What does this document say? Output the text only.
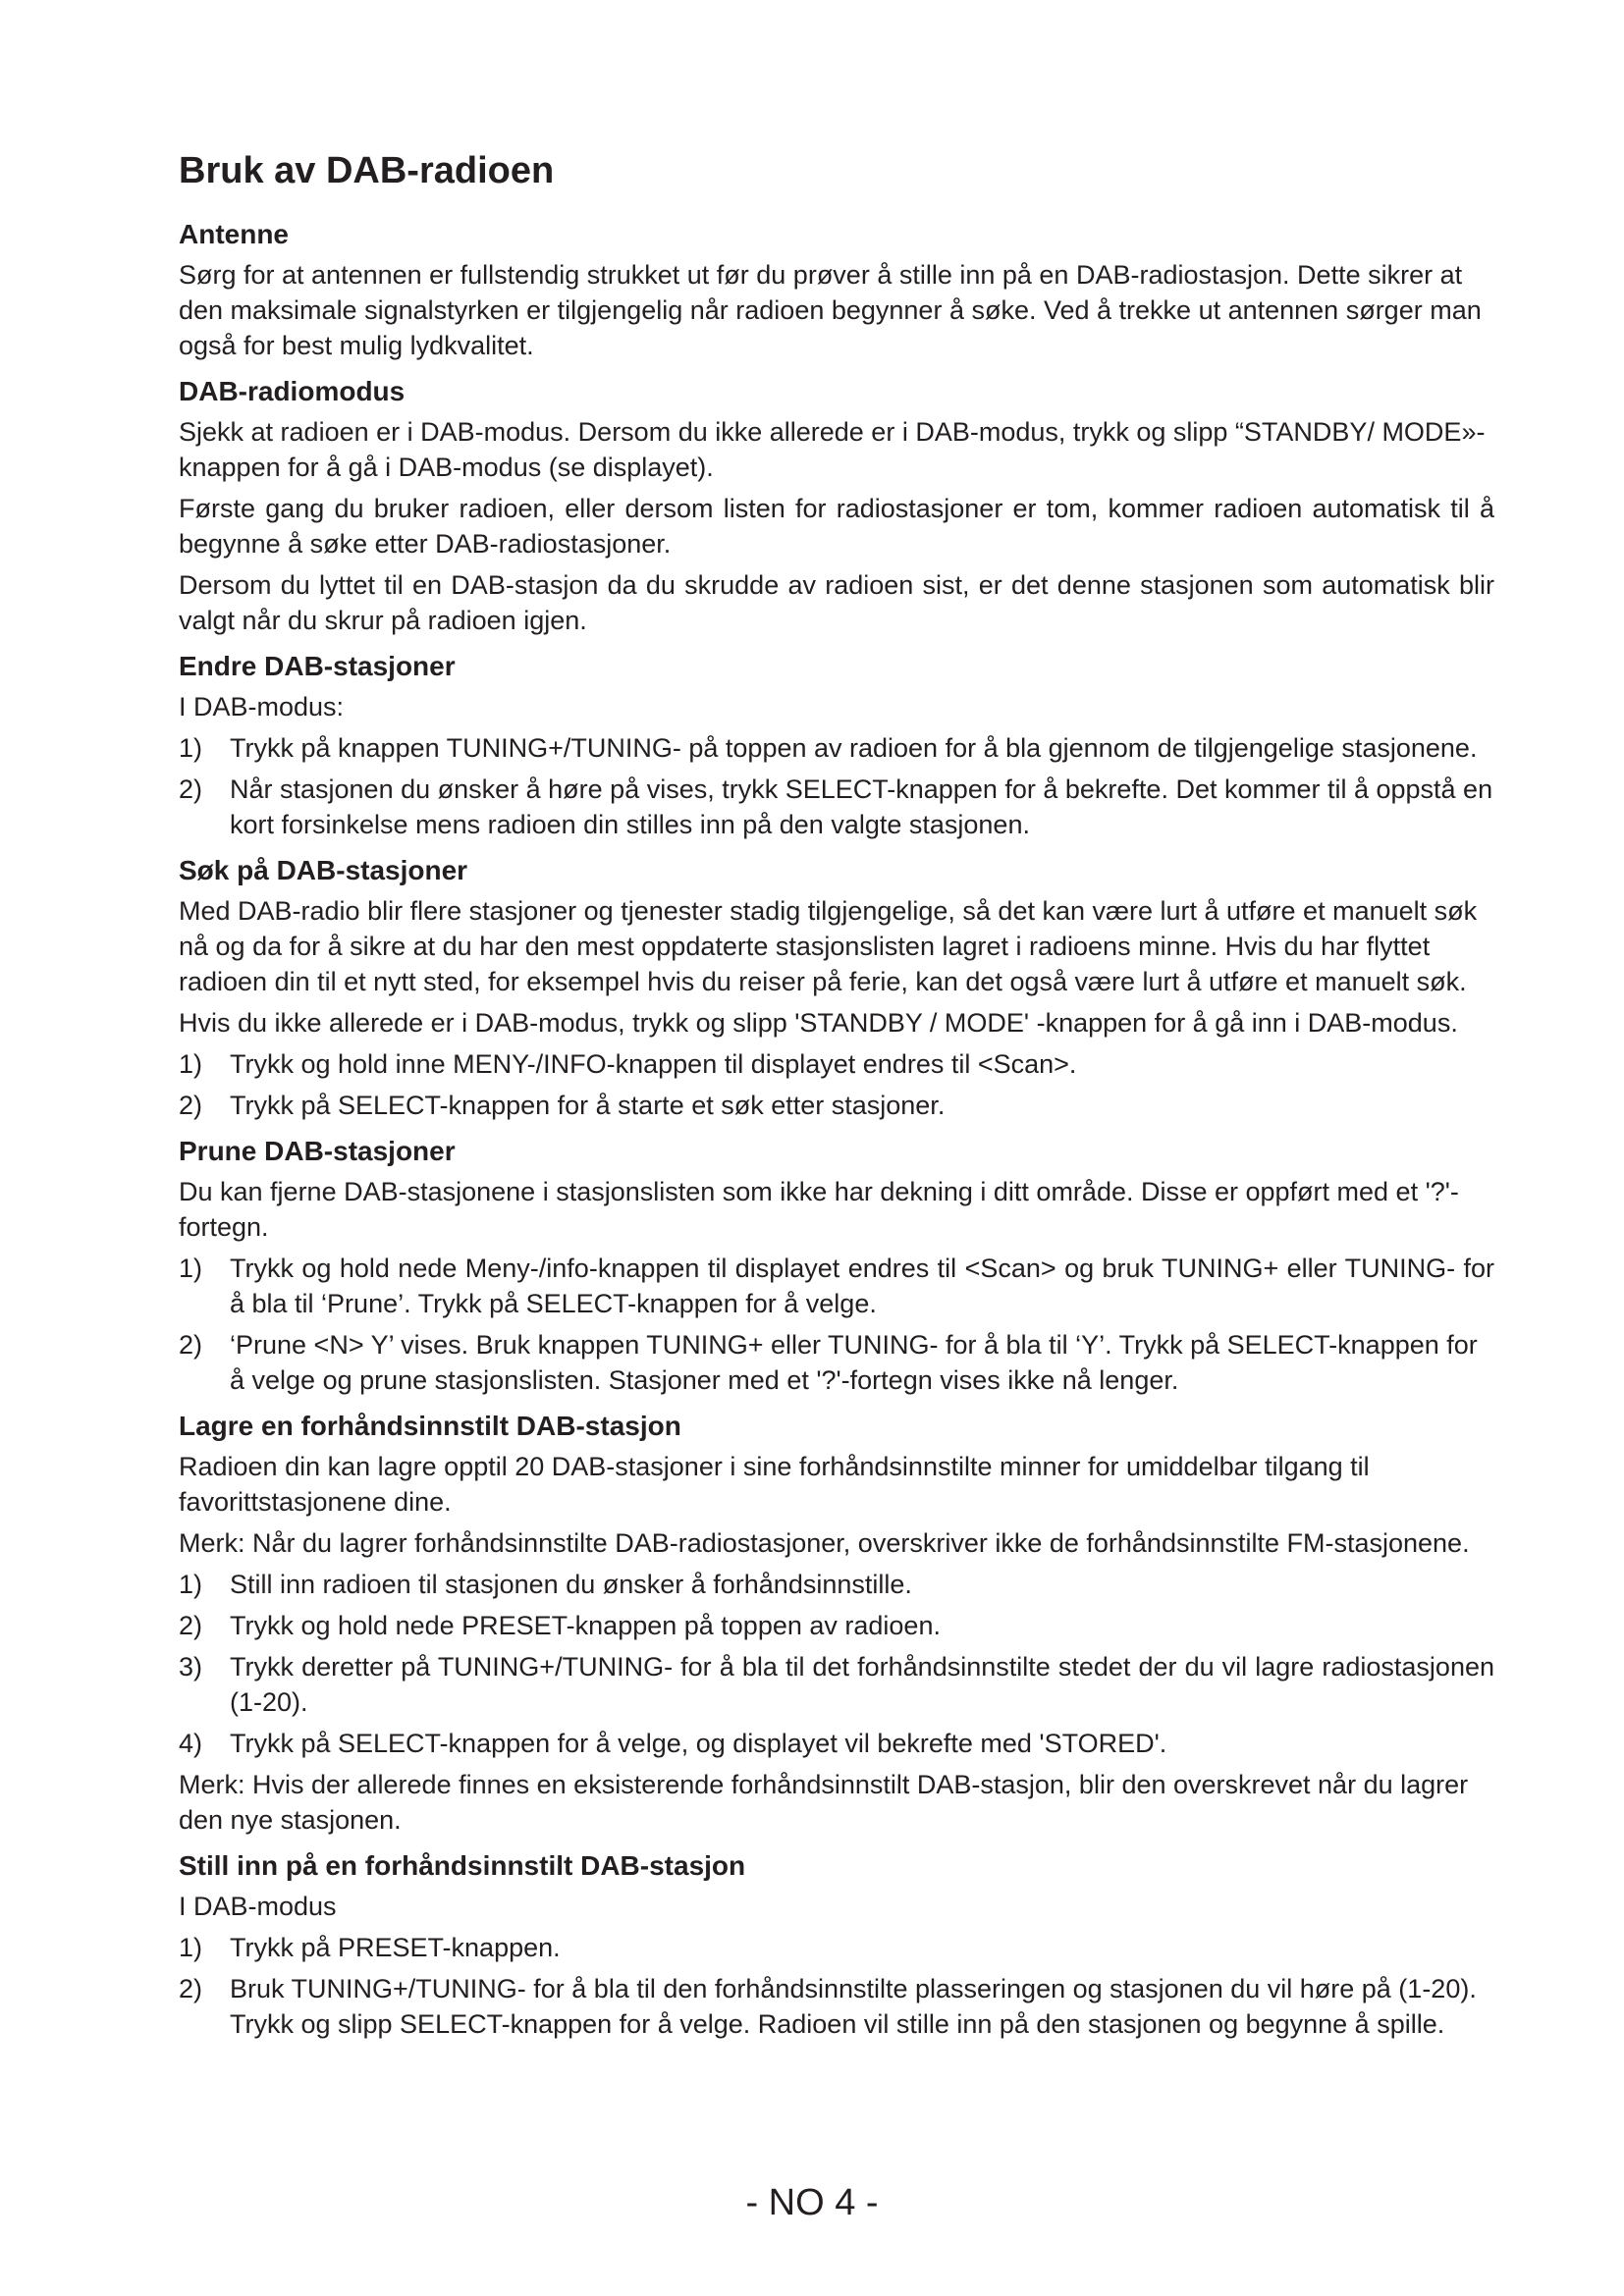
Bruk av DAB-radioen
Antenne

Sørg for at antennen er fullstendig strukket ut før du prøver å stille inn på en DAB-radiostasjon. Dette sikrer at den maksimale signalstyrken er tilgjengelig når radioen begynner å søke. Ved å trekke ut antennen sørger man også for best mulig lydkvalitet.

DAB-radiomodus

Sjekk at radioen er i DAB-modus. Dersom du ikke allerede er i DAB-modus, trykk og slipp “STANDBY/ MODE»-knappen for å gå i DAB-modus (se displayet).

Første gang du bruker radioen, eller dersom listen for radiostasjoner er tom, kommer radioen automatisk til å begynne å søke etter DAB-radiostasjoner.

Dersom du lyttet til en DAB-stasjon da du skrudde av radioen sist, er det denne stasjonen som automatisk blir valgt når du skrur på radioen igjen.

Endre DAB-stasjoner

I DAB-modus:

1)	Trykk på knappen TUNING+/TUNING- på toppen av radioen for å bla gjennom de tilgjengelige stasjonene.
2)	Når stasjonen du ønsker å høre på vises, trykk SELECT-knappen for å bekrefte. Det kommer til å oppstå en kort forsinkelse mens radioen din stilles inn på den valgte stasjonen.
Søk på DAB-stasjoner

Med DAB-radio blir flere stasjoner og tjenester stadig tilgjengelige, så det kan være lurt å utføre et manuelt søk nå og da for å sikre at du har den mest oppdaterte stasjonslisten lagret i radioens minne. Hvis du har flyttet radioen din til et nytt sted, for eksempel hvis du reiser på ferie, kan det også være lurt å utføre et manuelt søk.

Hvis du ikke allerede er i DAB-modus, trykk og slipp 'STANDBY / MODE' -knappen for å gå inn i DAB-modus.

1)	Trykk og hold inne MENY-/INFO-knappen til displayet endres til <Scan>.
2)	Trykk på SELECT-knappen for å starte et søk etter stasjoner.
Prune DAB-stasjoner

Du kan fjerne DAB-stasjonene i stasjonslisten som ikke har dekning i ditt område. Disse er oppført med et '?'-fortegn.

1)	Trykk og hold nede Meny-/info-knappen til displayet endres til <Scan> og bruk TUNING+ eller TUNING- for å bla til ‘Prune’. Trykk på SELECT-knappen for å velge.
2)	‘Prune <N> Y’ vises. Bruk knappen TUNING+ eller TUNING- for å bla til ‘Y’. Trykk på SELECT-knappen for å velge og prune stasjonslisten. Stasjoner med et '?'-fortegn vises ikke nå lenger.
Lagre en forhåndsinnstilt DAB-stasjon

Radioen din kan lagre opptil 20 DAB-stasjoner i sine forhåndsinnstilte minner for umiddelbar tilgang til favorittstasjonene dine.

Merk: Når du lagrer forhåndsinnstilte DAB-radiostasjoner, overskriver ikke de forhåndsinnstilte FM-stasjonene.

1)	Still inn radioen til stasjonen du ønsker å forhåndsinnstille.
2)	Trykk og hold nede PRESET-knappen på toppen av radioen.
3)	Trykk deretter på TUNING+/TUNING- for å bla til det forhåndsinnstilte stedet der du vil lagre radiostasjonen (1-20).
4)	Trykk på SELECT-knappen for å velge, og displayet vil bekrefte med 'STORED'.

Merk: Hvis der allerede finnes en eksisterende forhåndsinnstilt DAB-stasjon, blir den overskrevet når du lagrer den nye stasjonen.

Still inn på en forhåndsinnstilt DAB-stasjon

I DAB-modus

1)	Trykk på PRESET-knappen.
2)	Bruk TUNING+/TUNING- for å bla til den forhåndsinnstilte plasseringen og stasjonen du vil høre på (1-20). Trykk og slipp SELECT-knappen for å velge. Radioen vil stille inn på den stasjonen og begynne å spille.
- NO 4 -
